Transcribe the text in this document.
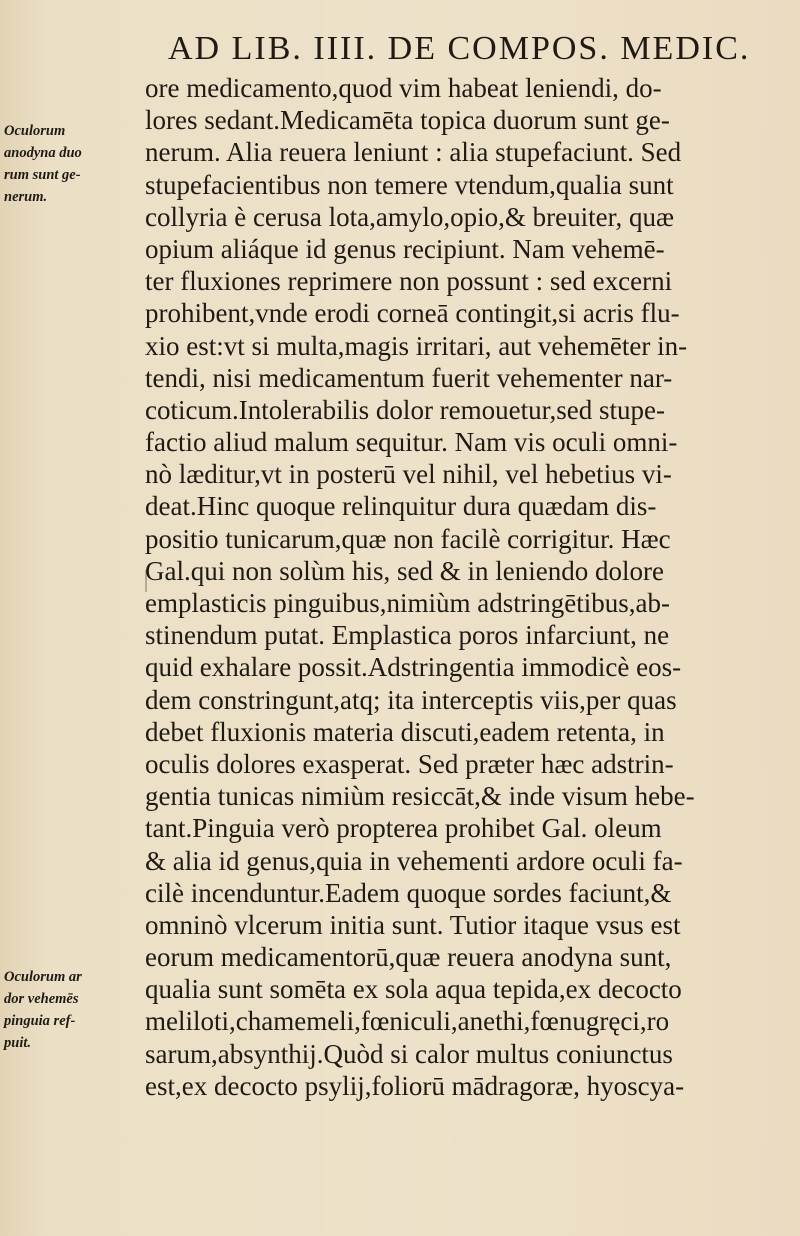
AD LIB. IIII. DE COMPOS. MEDIC.
Oculorum
anodyna duo
rum sunt ge-
nerum.
Oculorum ar
dor vehemēs
pinguia ref-
puit.
ore medicamento,quod vim habeat leniendi, do-
lores sedant.Medicamēta topica duorum sunt ge-
nerum. Alia reuera leniunt : alia stupefaciunt. Sed
stupefacientibus non temere vtendum,qualia sunt
collyria è cerusa lota,amylo,opio,& breuiter, quæ
opium aliáque id genus recipiunt. Nam vehemē-
ter fluxiones reprimere non possunt : sed excerni
prohibent,vnde erodi corneā contingit,si acris flu-
xio est:vt si multa,magis irritari, aut vehemēter in-
tendi, nisi medicamentum fuerit vehementer nar-
coticum.Intolerabilis dolor remouetur,sed stupe-
factio aliud malum sequitur. Nam vis oculi omni-
nò læditur,vt in posterū vel nihil, vel hebetius vi-
deat.Hinc quoque relinquitur dura quædam dis-
positio tunicarum,quæ non facilè corrigitur. Hæc
Gal.qui non solùm his, sed & in leniendo dolore
emplasticis pinguibus,nimiùm adstringētibus,ab-
stinendum putat. Emplastica poros infarciunt, ne
quid exhalare possit.Adstringentia immodicè eos-
dem constringunt,atq; ita interceptis viis,per quas
debet fluxionis materia discuti,eadem retenta, in
oculis dolores exasperat. Sed præter hæc adstrin-
gentia tunicas nimiùm resiccāt,& inde visum hebe-
tant.Pinguia verò propterea prohibet Gal. oleum
& alia id genus,quia in vehementi ardore oculi fa-
cilè incenduntur.Eadem quoque sordes faciunt,&
omninò vlcerum initia sunt. Tutior itaque vsus est
eorum medicamentorū,quæ reuera anodyna sunt,
qualia sunt somēta ex sola aqua tepida,ex decocto
meliloti,chamemeli,fœniculi,anethi,fœnugręci,ro
sarum,absynthij.Quòd si calor multus coniunctus
est,ex decocto psylij,foliorū mādragoræ, hyoscya-
